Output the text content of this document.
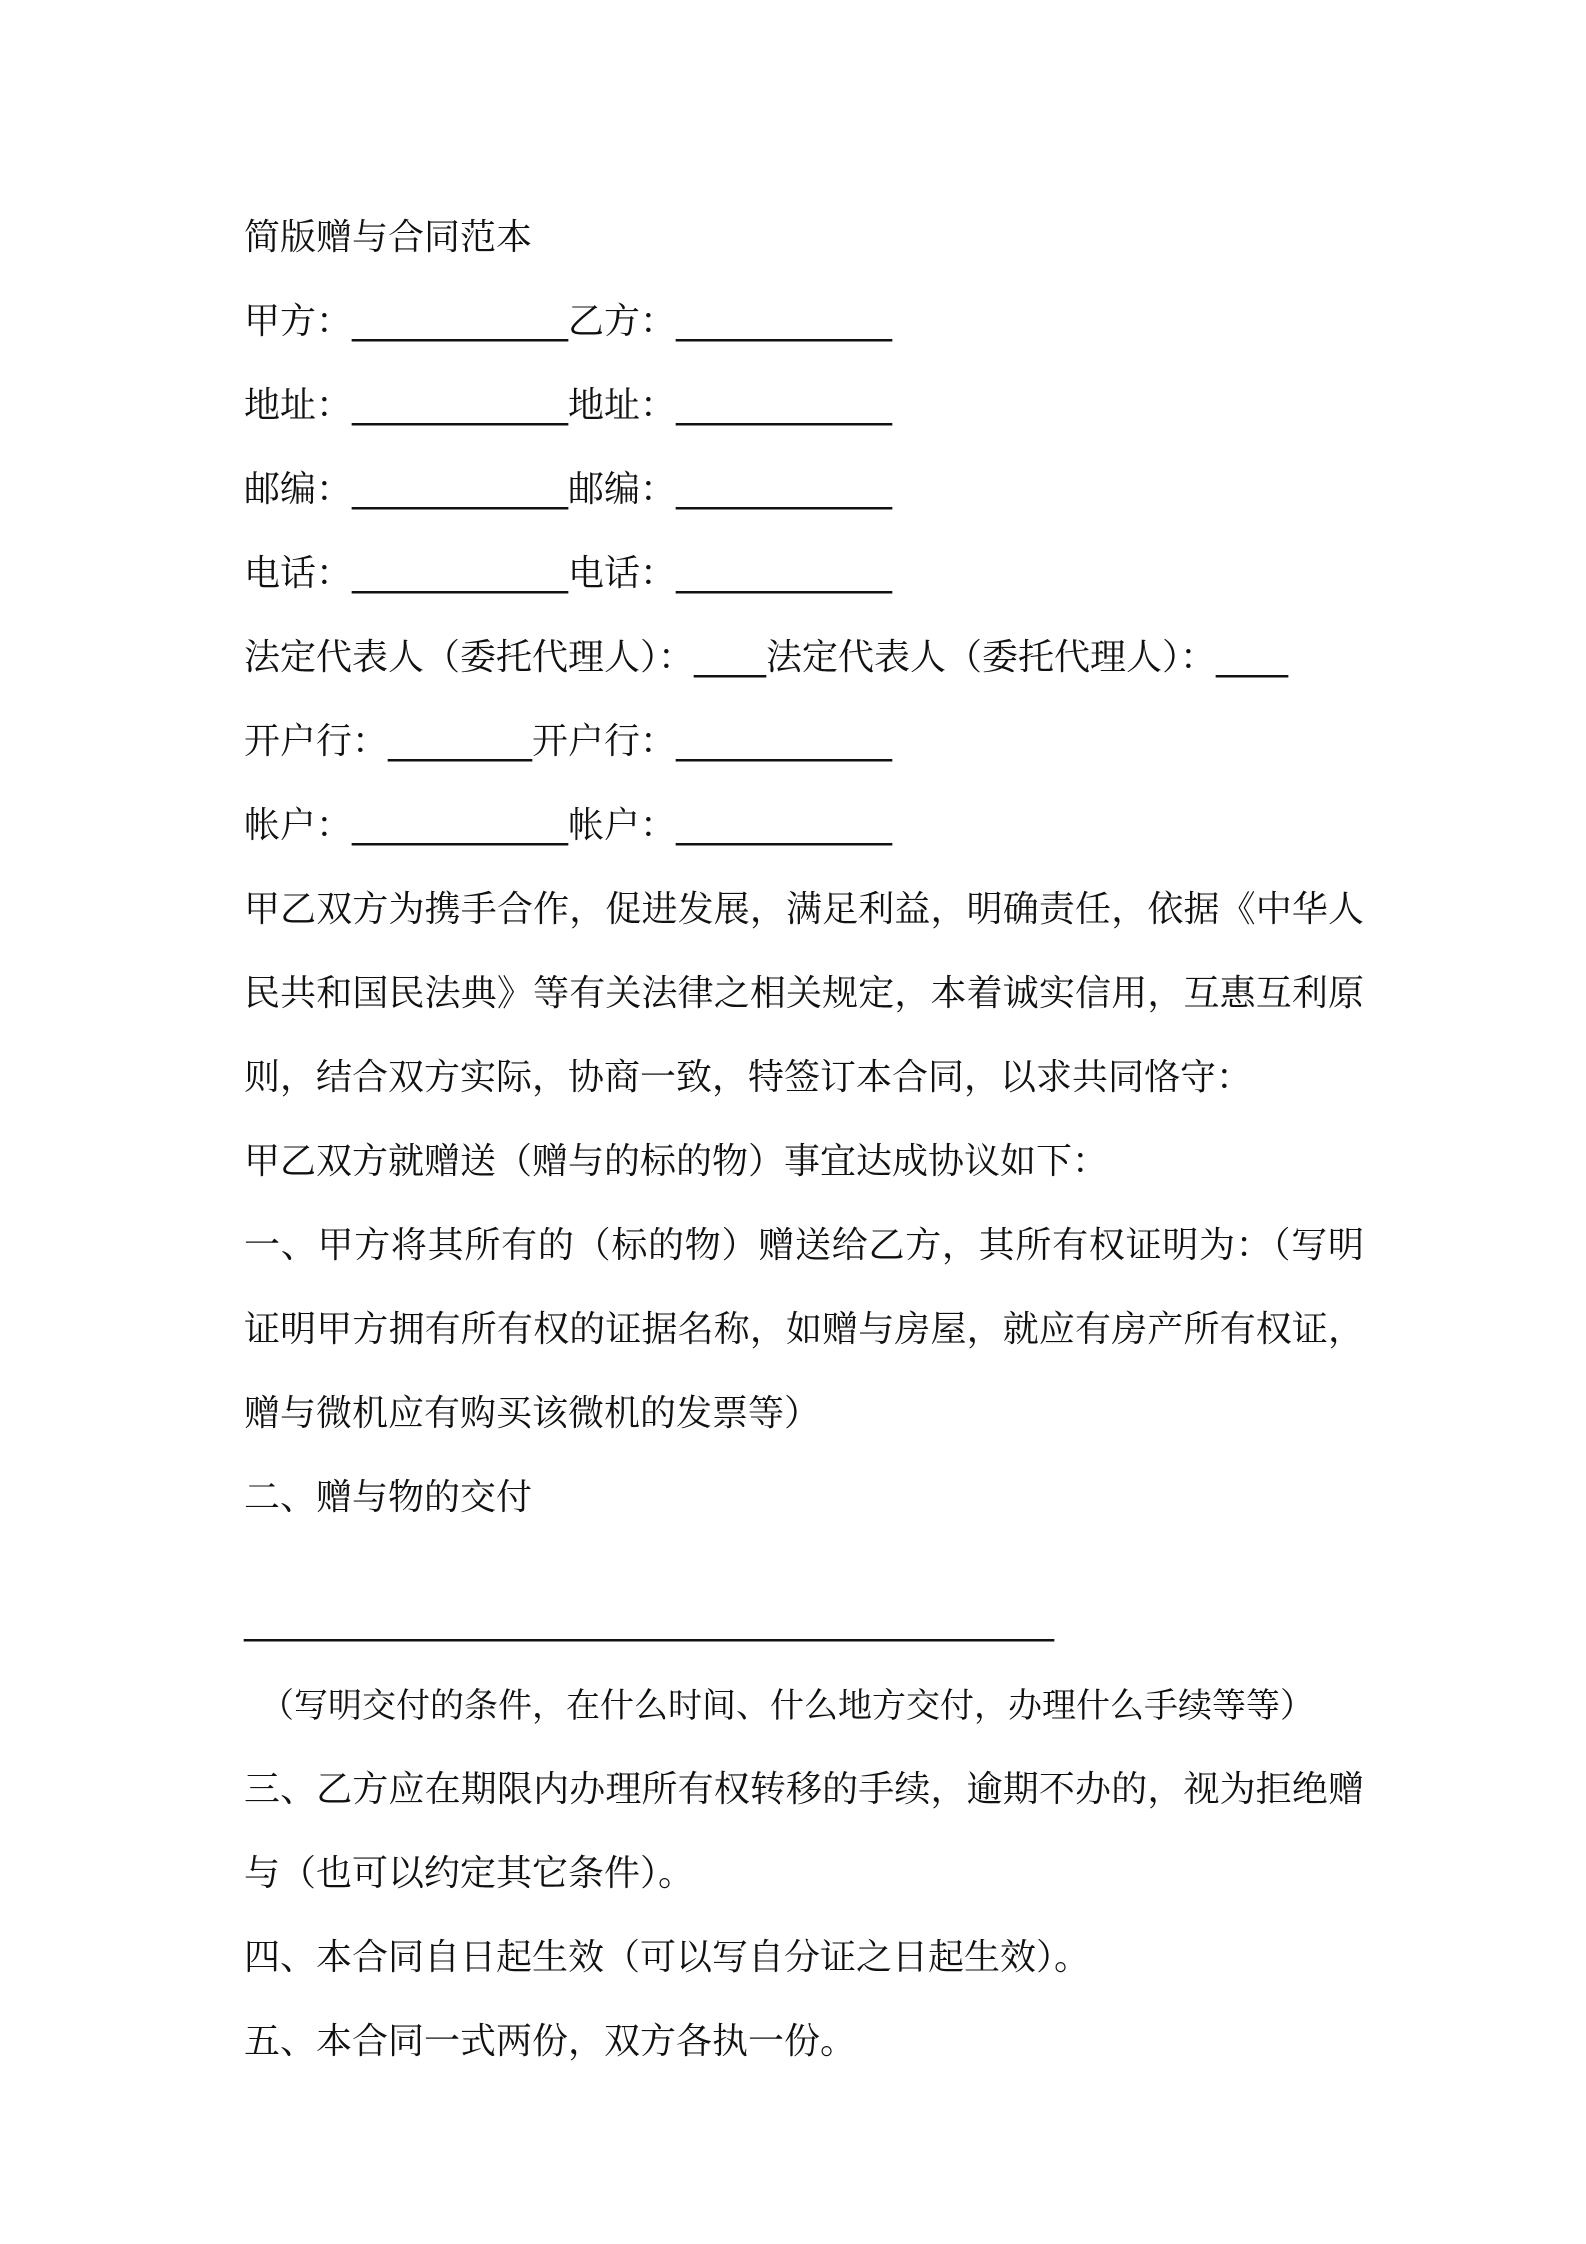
简版赠与合同范本
甲方：____________乙方：____________
地址：____________地址：____________
邮编：____________邮编：____________
电话：____________电话：____________
法定代表人（委托代理人）：____法定代表人（委托代理人）：____
开户行：________开户行：____________
帐户：____________帐户：____________

甲乙双方为携手合作，促进发展，满足利益，明确责任，依据《中华人民共和国民法典》等有关法律之相关规定，本着诚实信用，互惠互利原则，结合双方实际，协商一致，特签订本合同，以求共同恪守：

甲乙双方就赠送（赠与的标的物）事宜达成协议如下：

一、甲方将其所有的（标的物）赠送给乙方，其所有权证明为：（写明证明甲方拥有所有权的证据名称，如赠与房屋，就应有房产所有权证，赠与微机应有购买该微机的发票等）

二、赠与物的交付
_____________________________________________
（写明交付的条件，在什么时间、什么地方交付，办理什么手续等等）

三、乙方应在期限内办理所有权转移的手续，逾期不办的，视为拒绝赠与（也可以约定其它条件）。

四、本合同自日起生效（可以写自分证之日起生效）。
五、本合同一式两份，双方各执一份。
